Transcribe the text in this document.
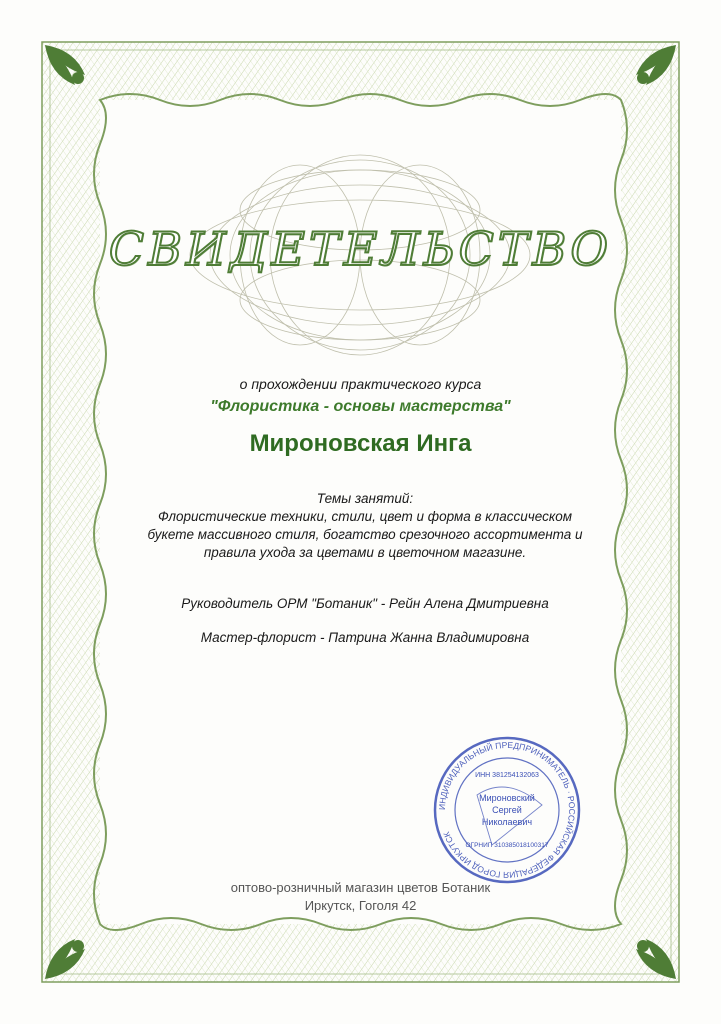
СВИДЕТЕЛЬСТВО
о прохождении практического курса
"Флористика - основы мастерства"
Мироновская Инга
Темы занятий:
Флористические техники, стили, цвет и форма в классическом
букете массивного стиля, богатство срезочного ассортимента и
правила ухода за цветами в цветочном магазине.
Руководитель ОРМ "Ботаник" - Рейн Алена Дмитриевна
Мастер-флорист - Патрина Жанна Владимировна
ИНДИВИДУАЛЬНЫЙ ПРЕДПРИНИМАТЕЛЬ · РОССИЙСКАЯ ФЕДЕРАЦИЯ ГОРОД ИРКУТСК
ИНН 381254132063
ОГРНИП 310385018100317
Мироновский
Сергей
Николаевич
оптово-розничный магазин цветов Ботаник
Иркутск, Гоголя 42
